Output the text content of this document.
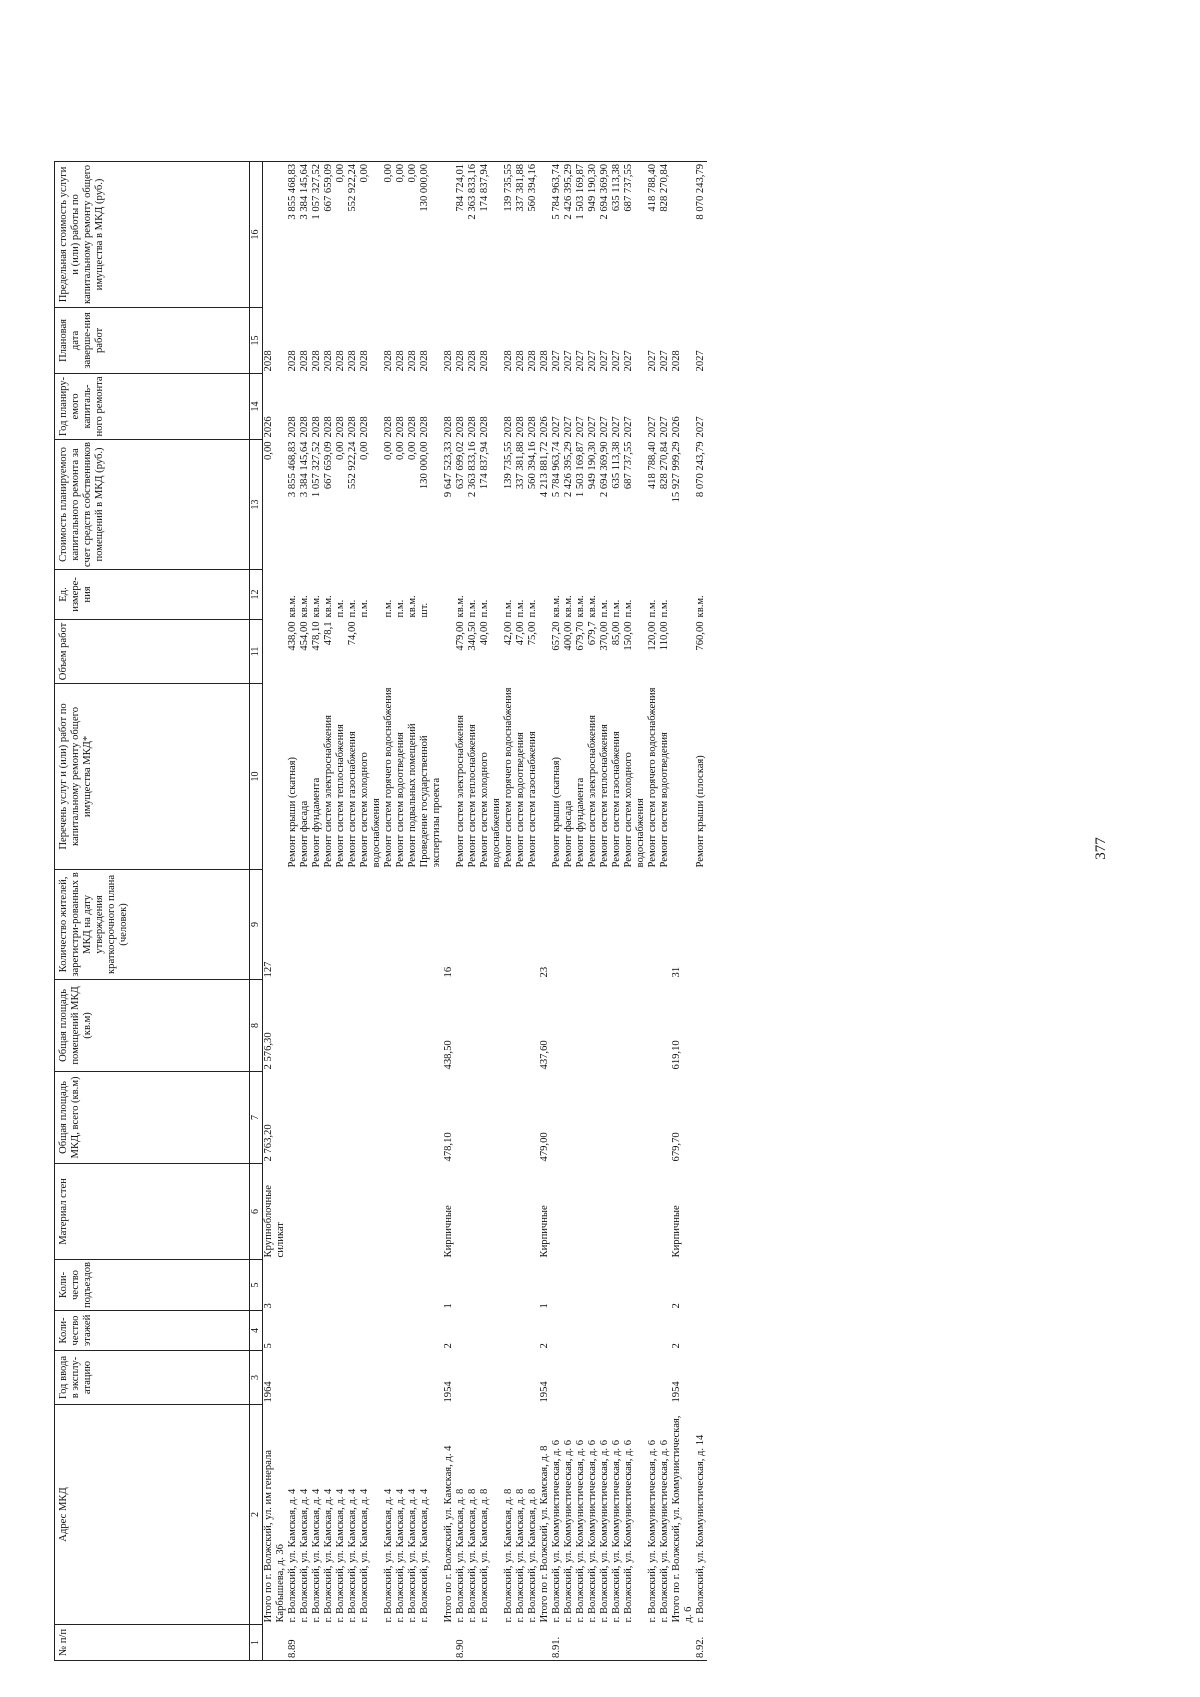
377
№ п/п	Адрес МКД	Год ввода в эксплу-атацию	Коли-чество этажей	Коли-чество подъездов	Материал стен	Общая площадь МКД, всего (кв.м)	Общая площадь помещений МКД (кв.м)	Количество жителей, зарегистри-рованных в МКД на дату утверждения краткосрочного плана (человек)	Перечень услуг и (или) работ по капитальному ремонту общего имущества МКД*	Объем работ	Ед. измере-ния	Стоимость планируемого капитального ремонта за счет средств собственников помещений в МКД (руб.)	Год планиру-емого капиталь-ного ремонта	Плановая дата заверше-ния работ	Предельная стоимость услуги и (или) работы по капитальному ремонту общего имущества в МКД (руб.)
1	2	3	4	5	6	7	8	9	10	11	12	13	14	15	16
	Итого по г. Волжский, ул. им генерала Карбышева, д. 36	1964	5	3	Крупноблочные силикат	2 763,20	2 576,30	127				0,00	2026	2028	
8.89	г. Волжский, ул. Камская, д. 4								Ремонт крыши (скатная)	438,00	кв.м.	3 855 468,83	2028	2028	3 855 468,83
	г. Волжский, ул. Камская, д. 4								Ремонт фасада	454,00	кв.м.	3 384 145,64	2028	2028	3 384 145,64
	г. Волжский, ул. Камская, д. 4								Ремонт фундамента	478,10	кв.м.	1 057 327,52	2028	2028	1 057 327,52
	г. Волжский, ул. Камская, д. 4								Ремонт систем электроснабжения	478,1	кв.м.	667 659,09	2028	2028	667 659,09
	г. Волжский, ул. Камская, д. 4								Ремонт систем теплоснабжения		п.м.	0,00	2028	2028	0,00
	г. Волжский, ул. Камская, д. 4								Ремонт систем газоснабжения	74,00	п.м.	552 922,24	2028	2028	552 922,24
	г. Волжский, ул. Камская, д. 4								Ремонт систем холодного водоснабжения		п.м.	0,00	2028	2028	0,00
	г. Волжский, ул. Камская, д. 4								Ремонт систем горячего водоснабжения		п.м.	0,00	2028	2028	0,00
	г. Волжский, ул. Камская, д. 4								Ремонт систем водоотведения		п.м.	0,00	2028	2028	0,00
	г. Волжский, ул. Камская, д. 4								Ремонт подвальных помещений		кв.м.	0,00	2028	2028	0,00
	г. Волжский, ул. Камская, д. 4								Проведение государственной экспертизы проекта		шт.	130 000,00	2028	2028	130 000,00
	Итого по г. Волжский, ул. Камская, д. 4	1954	2	1	Кирпичные	478,10	438,50	16				9 647 523,33	2028	2028	
8.90	г. Волжский, ул. Камская, д. 8								Ремонт систем электроснабжения	479,00	кв.м.	637 699,02	2028	2028	784 724,01
	г. Волжский, ул. Камская, д. 8								Ремонт систем теплоснабжения	340,50	п.м.	2 363 833,16	2028	2028	2 363 833,16
	г. Волжский, ул. Камская, д. 8								Ремонт систем холодного водоснабжения	40,00	п.м.	174 837,94	2028	2028	174 837,94
	г. Волжский, ул. Камская, д. 8								Ремонт систем горячего водоснабжения	42,00	п.м.	139 735,55	2028	2028	139 735,55
	г. Волжский, ул. Камская, д. 8								Ремонт систем водоотведения	47,00	п.м.	337 381,88	2028	2028	337 381,88
	г. Волжский, ул. Камская, д. 8								Ремонт систем газоснабжения	75,00	п.м.	560 394,16	2028	2028	560 394,16
	Итого по г. Волжский, ул. Камская, д. 8	1954	2	1	Кирпичные	479,00	437,60	23				4 213 881,72	2026	2028	
8.91.	г. Волжский, ул. Коммунистическая, д. 6								Ремонт крыши (скатная)	657,20	кв.м.	5 784 963,74	2027	2027	5 784 963,74
	г. Волжский, ул. Коммунистическая, д. 6								Ремонт фасада	400,00	кв.м.	2 426 395,29	2027	2027	2 426 395,29
	г. Волжский, ул. Коммунистическая, д. 6								Ремонт фундамента	679,70	кв.м.	1 503 169,87	2027	2027	1 503 169,87
	г. Волжский, ул. Коммунистическая, д. 6								Ремонт систем электроснабжения	679,7	кв.м.	949 190,30	2027	2027	949 190,30
	г. Волжский, ул. Коммунистическая, д. 6								Ремонт систем теплоснабжения	370,00	п.м.	2 694 369,90	2027	2027	2 694 369,90
	г. Волжский, ул. Коммунистическая, д. 6								Ремонт систем газоснабжения	85,00	п.м.	635 113,38	2027	2027	635 113,38
	г. Волжский, ул. Коммунистическая, д. 6								Ремонт систем холодного водоснабжения	150,00	п.м.	687 737,55	2027	2027	687 737,55
	г. Волжский, ул. Коммунистическая, д. 6								Ремонт систем горячего водоснабжения	120,00	п.м.	418 788,40	2027	2027	418 788,40
	г. Волжский, ул. Коммунистическая, д. 6								Ремонт систем водоотведения	110,00	п.м.	828 270,84	2027	2027	828 270,84
	Итого по г. Волжский, ул. Коммунистическая, д. 6	1954	2	2	Кирпичные	679,70	619,10	31				15 927 999,29	2026	2028	
8.92.	г. Волжский, ул. Коммунистическая, д. 14								Ремонт крыши (плоская)	760,00	кв.м.	8 070 243,79	2027	2027	8 070 243,79
